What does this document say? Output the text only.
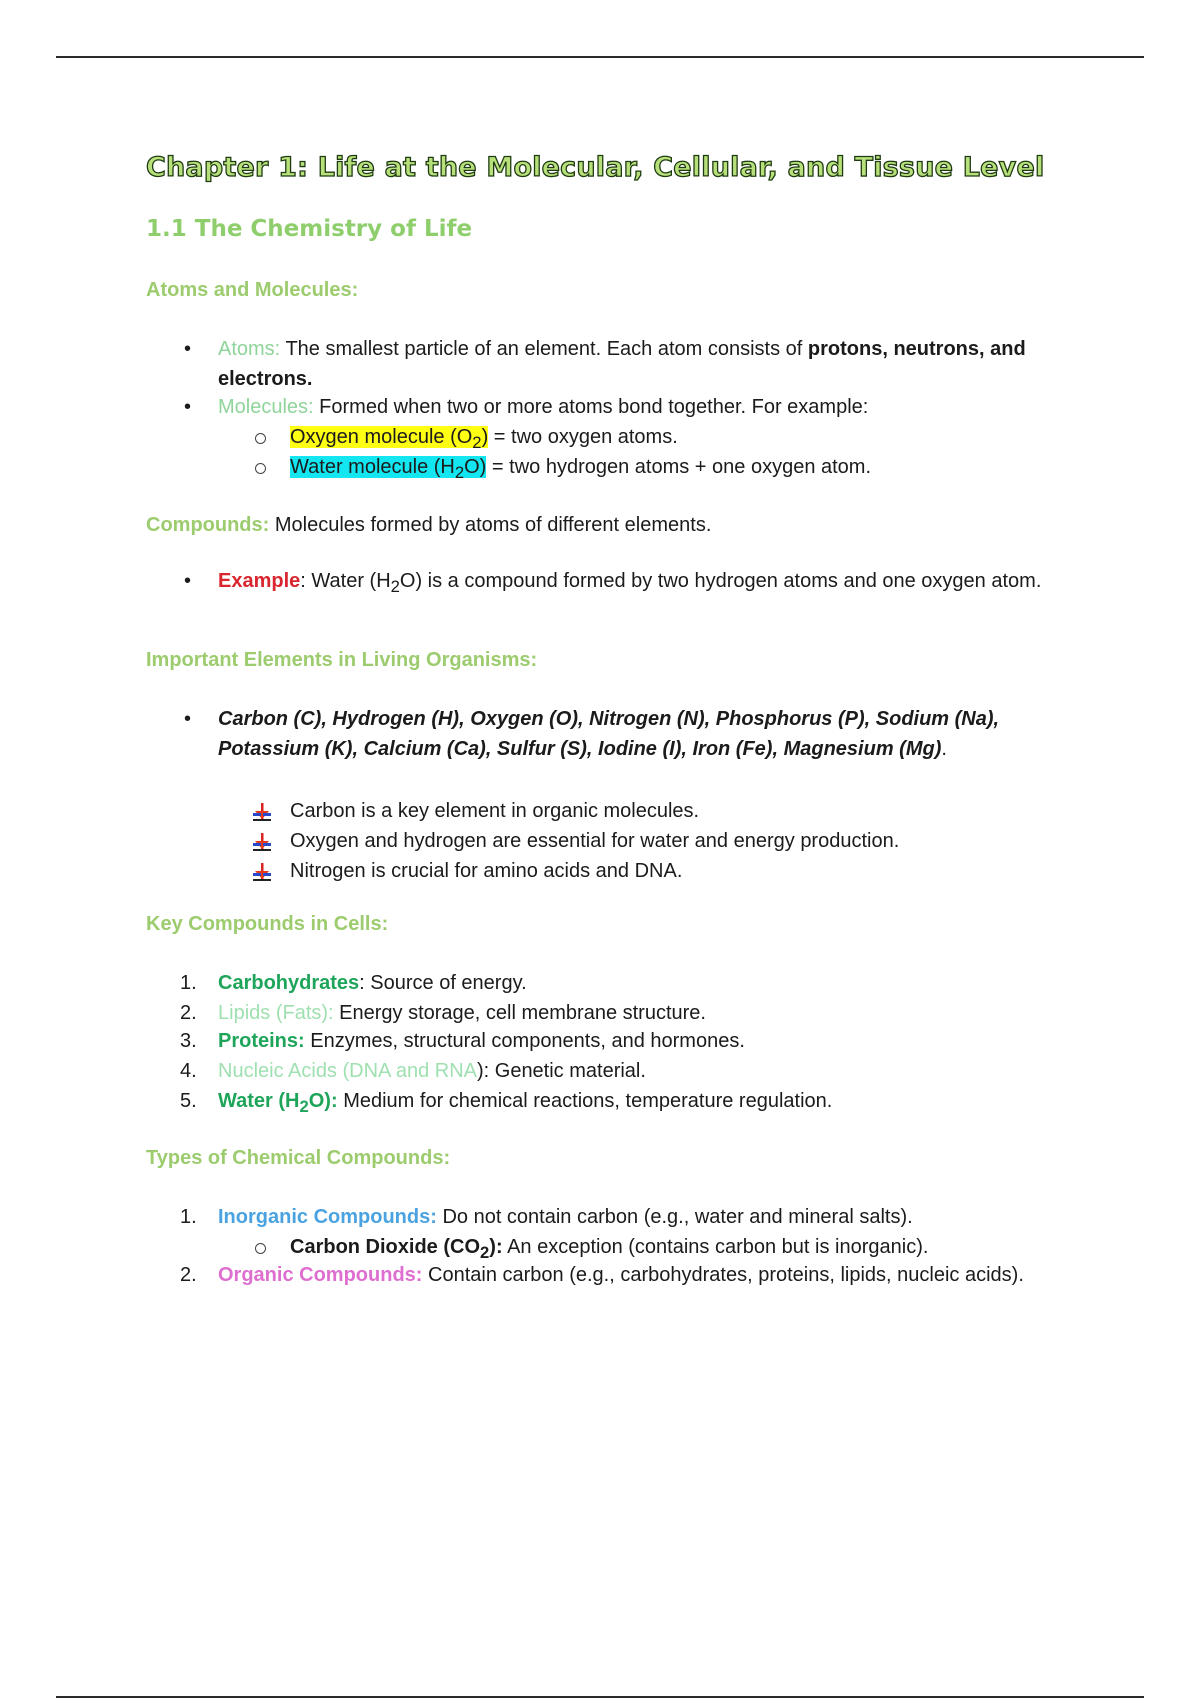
Chapter 1: Life at the Molecular, Cellular, and Tissue Level
1.1 The Chemistry of Life
Atoms and Molecules:
• Atoms: The smallest particle of an element. Each atom consists of protons, neutrons, and electrons.
• Molecules: Formed when two or more atoms bond together. For example:
Oxygen molecule $(O_2)$ = two oxygen atoms.
Water molecule $(H_2O)$ = two hydrogen atoms + one oxygen atom.
Compounds: Molecules formed by atoms of different elements.
• Example: Water $(H_2O)$ is a compound formed by two hydrogen atoms and one oxygen atom.
Important Elements in Living Organisms:
• Carbon (C), Hydrogen (H), Oxygen (O), Nitrogen (N), Phosphorus (P), Sodium (Na), Potassium (K), Calcium (Ca), Sulfur (S), Iodine (I), Iron (Fe), Magnesium (Mg).
Carbon is a key element in organic molecules.
Oxygen and hydrogen are essential for water and energy production.
Nitrogen is crucial for amino acids and DNA.
Key Compounds in Cells:
1. Carbohydrates: Source of energy.
2. Lipids (Fats): Energy storage, cell membrane structure.
3. Proteins: Enzymes, structural components, and hormones.
4. Nucleic Acids (DNA and RNA): Genetic material.
5. Water $(H_2O)$: Medium for chemical reactions, temperature regulation.
Types of Chemical Compounds:
1. Inorganic Compounds: Do not contain carbon (e.g., water and mineral salts).
Carbon Dioxide $(CO_2)$: An exception (contains carbon but is inorganic).
2. Organic Compounds: Contain carbon (e.g., carbohydrates, proteins, lipids, nucleic acids).
